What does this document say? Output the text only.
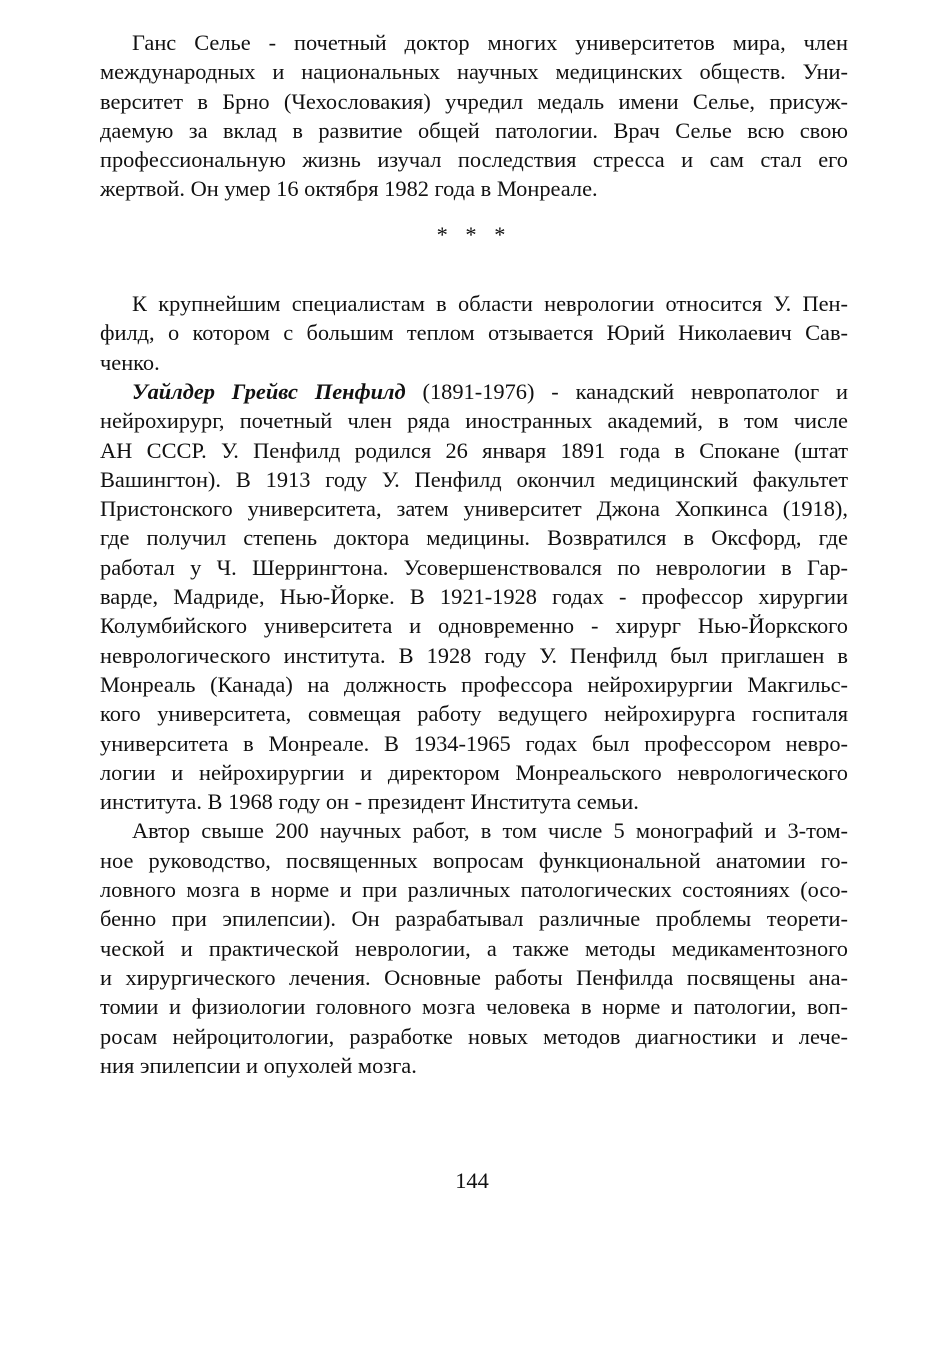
Ганс Селье - почетный доктор многих университетов мира, член
международных и национальных научных медицинских обществ. Уни-
верситет в Брно (Чехословакия) учредил медаль имени Селье, присуж-
даемую за вклад в развитие общей патологии. Врач Селье всю свою
профессиональную жизнь изучал последствия стресса и сам стал его
жертвой. Он умер 16 октября 1982 года в Монреале.
* * *
К крупнейшим специалистам в области неврологии относится У. Пен-
филд, о котором с большим теплом отзывается Юрий Николаевич Сав-
ченко.
Уайлдер Грейвс Пенфилд (1891-1976) - канадский невропатолог и
нейрохирург, почетный член ряда иностранных академий, в том числе
АН СССР. У. Пенфилд родился 26 января 1891 года в Спокане (штат
Вашингтон). В 1913 году У. Пенфилд окончил медицинский факультет
Пристонского университета, затем университет Джона Хопкинса (1918),
где получил степень доктора медицины. Возвратился в Оксфорд, где
работал у Ч. Шеррингтона. Усовершенствовался по неврологии в Гар-
варде, Мадриде, Нью-Йорке. В 1921-1928 годах - профессор хирургии
Колумбийского университета и одновременно - хирург Нью-Йоркского
неврологического института. В 1928 году У. Пенфилд был приглашен в
Монреаль (Канада) на должность профессора нейрохирургии Макгильс-
кого университета, совмещая работу ведущего нейрохирурга госпиталя
университета в Монреале. В 1934-1965 годах был профессором невро-
логии и нейрохирургии и директором Монреальского неврологического
института. В 1968 году он - президент Института семьи.
Автор свыше 200 научных работ, в том числе 5 монографий и 3-том-
ное руководство, посвященных вопросам функциональной анатомии го-
ловного мозга в норме и при различных патологических состояниях (осо-
бенно при эпилепсии). Он разрабатывал различные проблемы теорети-
ческой и практической неврологии, а также методы медикаментозного
и хирургического лечения. Основные работы Пенфилда посвящены ана-
томии и физиологии головного мозга человека в норме и патологии, воп-
росам нейроцитологии, разработке новых методов диагностики и лече-
ния эпилепсии и опухолей мозга.
144
